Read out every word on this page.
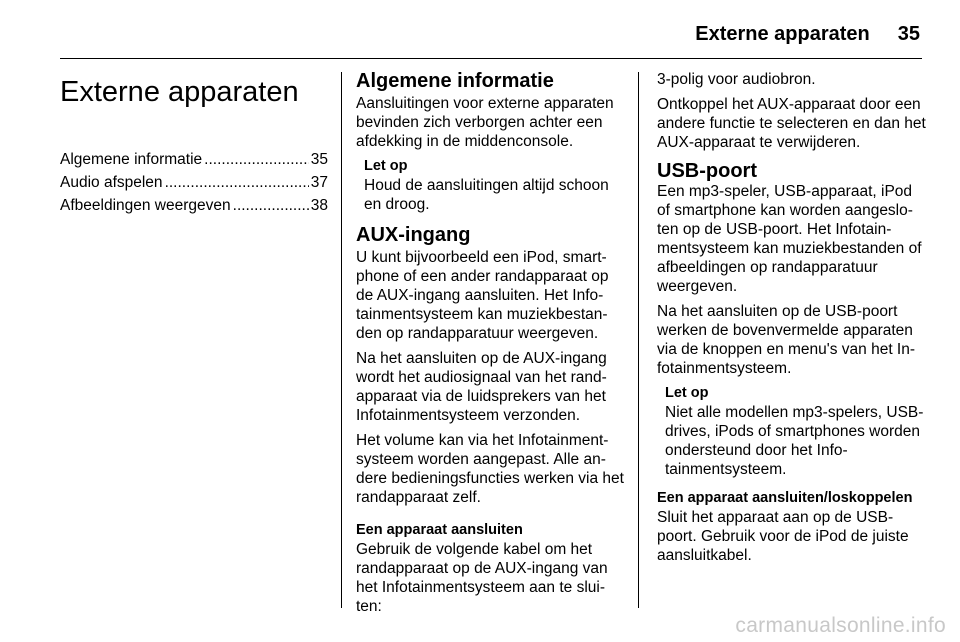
Externe apparaten 35
Externe apparaten
Algemene informatie .....	35
Audio afspelen .....	37
Afbeeldingen weergeven .....	38
Algemene informatie

Aansluitingen voor externe apparaten bevinden zich verborgen achter een afdekking in de middenconsole.

Let op
Houd de aansluitingen altijd schoon en droog.
AUX-ingang

U kunt bijvoorbeeld een iPod, smart-phone of een ander randapparaat op de AUX-ingang aansluiten. Het Info-tainmentsysteem kan muziekbestan-den op randapparatuur weergeven.

Na het aansluiten op de AUX-ingang wordt het audiosignaal van het rand-apparaat via de luidsprekers van het Infotainmentsysteem verzonden.

Het volume kan via het Infotainment-systeem worden aangepast. Alle an-dere bedieningsfuncties werken via het randapparaat zelf.

Een apparaat aansluiten

Gebruik de volgende kabel om het randapparaat op de AUX-ingang van het Infotainmentsysteem aan te slui-ten:

3-polig voor audiobron.

Ontkoppel het AUX-apparaat door een andere functie te selecteren en dan het AUX-apparaat te verwijderen.

USB-poort

Een mp3-speler, USB-apparaat, iPod of smartphone kan worden aangeslo-ten op de USB-poort. Het Infotain-mentsysteem kan muziekbestanden of afbeeldingen op randapparatuur weergeven.

Na het aansluiten op de USB-poort werken de bovenvermelde apparaten via de knoppen en menu's van het In-fotainmentsysteem.

Let op
Niet alle modellen mp3-spelers, USB-drives, iPods of smartphones worden ondersteund door het Info-tainmentsysteem.
Een apparaat aansluiten/loskoppelen

Sluit het apparaat aan op de USB-poort. Gebruik voor de iPod de juiste aansluitkabel.

carmanualsonline.info
